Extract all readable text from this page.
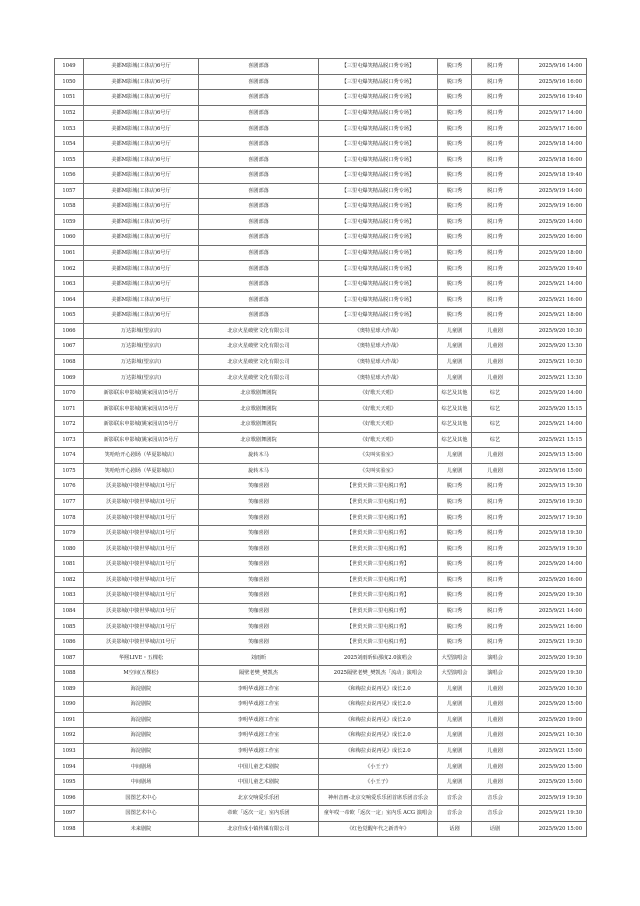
1049	美都M影城(工体店)6号厅	喜剧部落	【三里屯爆笑精品脱口秀专场】	脱口秀	脱口秀	2025/9/16 14:00
1050	美都M影城(工体店)6号厅	喜剧部落	【三里屯爆笑精品脱口秀专场】	脱口秀	脱口秀	2025/9/16 16:00
1051	美都M影城(工体店)6号厅	喜剧部落	【三里屯爆笑精品脱口秀专场】	脱口秀	脱口秀	2025/9/16 19:40
1052	美都M影城(工体店)6号厅	喜剧部落	【三里屯爆笑精品脱口秀专场】	脱口秀	脱口秀	2025/9/17 14:00
1053	美都M影城(工体店)6号厅	喜剧部落	【三里屯爆笑精品脱口秀专场】	脱口秀	脱口秀	2025/9/17 16:00
1054	美都M影城(工体店)6号厅	喜剧部落	【三里屯爆笑精品脱口秀专场】	脱口秀	脱口秀	2025/9/18 14:00
1055	美都M影城(工体店)6号厅	喜剧部落	【三里屯爆笑精品脱口秀专场】	脱口秀	脱口秀	2025/9/18 16:00
1056	美都M影城(工体店)6号厅	喜剧部落	【三里屯爆笑精品脱口秀专场】	脱口秀	脱口秀	2025/9/18 19:40
1057	美都M影城(工体店)6号厅	喜剧部落	【三里屯爆笑精品脱口秀专场】	脱口秀	脱口秀	2025/9/19 14:00
1058	美都M影城(工体店)6号厅	喜剧部落	【三里屯爆笑精品脱口秀专场】	脱口秀	脱口秀	2025/9/19 16:00
1059	美都M影城(工体店)6号厅	喜剧部落	【三里屯爆笑精品脱口秀专场】	脱口秀	脱口秀	2025/9/20 14:00
1060	美都M影城(工体店)6号厅	喜剧部落	【三里屯爆笑精品脱口秀专场】	脱口秀	脱口秀	2025/9/20 16:00
1061	美都M影城(工体店)6号厅	喜剧部落	【三里屯爆笑精品脱口秀专场】	脱口秀	脱口秀	2025/9/20 18:00
1062	美都M影城(工体店)6号厅	喜剧部落	【三里屯爆笑精品脱口秀专场】	脱口秀	脱口秀	2025/9/20 19:40
1063	美都M影城(工体店)6号厅	喜剧部落	【三里屯爆笑精品脱口秀专场】	脱口秀	脱口秀	2025/9/21 14:00
1064	美都M影城(工体店)6号厅	喜剧部落	【三里屯爆笑精品脱口秀专场】	脱口秀	脱口秀	2025/9/21 16:00
1065	美都M影城(工体店)6号厅	喜剧部落	【三里屯爆笑精品脱口秀专场】	脱口秀	脱口秀	2025/9/21 18:00
1066	万达影城(望京店)	北京火星破壁文化有限公司	《奥特星球大作战》	儿童剧	儿童剧	2025/9/20 10:30
1067	万达影城(望京店)	北京火星破壁文化有限公司	《奥特星球大作战》	儿童剧	儿童剧	2025/9/20 13:30
1068	万达影城(望京店)	北京火星破壁文化有限公司	《奥特星球大作战》	儿童剧	儿童剧	2025/9/21 10:30
1069	万达影城(望京店)	北京火星破壁文化有限公司	《奥特星球大作战》	儿童剧	儿童剧	2025/9/21 13:30
1070	新影联东申影城(姚家园店)5号厅	北京歌剧舞剧院	《好歌天天唱》	综艺及其他	综艺	2025/9/20 14:00
1071	新影联东申影城(姚家园店)5号厅	北京歌剧舞剧院	《好歌天天唱》	综艺及其他	综艺	2025/9/20 15:15
1072	新影联东申影城(姚家园店)5号厅	北京歌剧舞剧院	《好歌天天唱》	综艺及其他	综艺	2025/9/21 14:00
1073	新影联东申影城(姚家园店)5号厅	北京歌剧舞剧院	《好歌天天唱》	综艺及其他	综艺	2025/9/21 15:15
1074	笑哈哈开心剧场（华夏影城店）	旋转木马	《尖叫实验室》	儿童剧	儿童剧	2025/9/15 15:00
1075	笑哈哈开心剧场（华夏影城店）	旋转木马	《尖叫实验室》	儿童剧	儿童剧	2025/9/16 15:00
1076	沃美影城(中骏世界城店)1号厅	笑咖喜剧	【世贸天阶三里屯脱口秀】	脱口秀	脱口秀	2025/9/15 19:30
1077	沃美影城(中骏世界城店)1号厅	笑咖喜剧	【世贸天阶三里屯脱口秀】	脱口秀	脱口秀	2025/9/16 19:30
1078	沃美影城(中骏世界城店)1号厅	笑咖喜剧	【世贸天阶三里屯脱口秀】	脱口秀	脱口秀	2025/9/17 19:30
1079	沃美影城(中骏世界城店)1号厅	笑咖喜剧	【世贸天阶三里屯脱口秀】	脱口秀	脱口秀	2025/9/18 19:30
1080	沃美影城(中骏世界城店)1号厅	笑咖喜剧	【世贸天阶三里屯脱口秀】	脱口秀	脱口秀	2025/9/19 19:30
1081	沃美影城(中骏世界城店)1号厅	笑咖喜剧	【世贸天阶三里屯脱口秀】	脱口秀	脱口秀	2025/9/20 14:00
1082	沃美影城(中骏世界城店)1号厅	笑咖喜剧	【世贸天阶三里屯脱口秀】	脱口秀	脱口秀	2025/9/20 16:00
1083	沃美影城(中骏世界城店)1号厅	笑咖喜剧	【世贸天阶三里屯脱口秀】	脱口秀	脱口秀	2025/9/20 19:30
1084	沃美影城(中骏世界城店)1号厅	笑咖喜剧	【世贸天阶三里屯脱口秀】	脱口秀	脱口秀	2025/9/21 14:00
1085	沃美影城(中骏世界城店)1号厅	笑咖喜剧	【世贸天阶三里屯脱口秀】	脱口秀	脱口秀	2025/9/21 16:00
1086	沃美影城(中骏世界城店)1号厅	笑咖喜剧	【世贸天阶三里屯脱口秀】	脱口秀	脱口秀	2025/9/21 19:30
1087	华熙LIVE・五棵松	刘雨昕	2025刘雨昕仙那度2.0演唱会	大型演唱会	演唱会	2025/9/20 19:30
1088	M空间(五棵松)	隔壁老樊_樊凯杰	2025隔壁老樊_樊凯杰「流动」演唱会	大型演唱会	演唱会	2025/9/20 19:30
1089	海淀剧院	李明华戏剧工作室	《和梅拉贞说再见》成长2.0	儿童剧	儿童剧	2025/9/20 10:30
1090	海淀剧院	李明华戏剧工作室	《和梅拉贞说再见》成长2.0	儿童剧	儿童剧	2025/9/20 15:00
1091	海淀剧院	李明华戏剧工作室	《和梅拉贞说再见》成长2.0	儿童剧	儿童剧	2025/9/20 19:00
1092	海淀剧院	李明华戏剧工作室	《和梅拉贞说再见》成长2.0	儿童剧	儿童剧	2025/9/21 10:30
1093	海淀剧院	李明华戏剧工作室	《和梅拉贞说再见》成长2.0	儿童剧	儿童剧	2025/9/21 15:00
1094	中间剧场	中国儿童艺术剧院	《小王子》	儿童剧	儿童剧	2025/9/20 15:00
1095	中间剧场	中国儿童艺术剧院	《小王子》	儿童剧	儿童剧	2025/9/20 15:00
1096	国图艺术中心	北京交响爱乐乐团	神州音画-北京交响爱乐乐团首席乐团音乐会	音乐会	音乐会	2025/9/19 19:30
1097	国图艺术中心	帝欧「返次一定」室内乐团	童年哎一帝欧「返次一定」室内乐 ACG 演唱会	音乐会	音乐会	2025/9/21 19:30
1098	未来剧院	北京佳成小镇传媒有限公司	《红色觉醒年代之新青年》	话剧	话剧	2025/9/20 15:00
